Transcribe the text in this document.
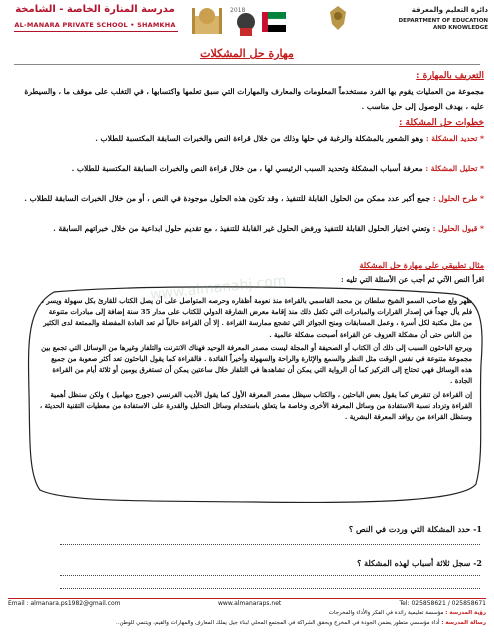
مدرسة المنارة الخاصة - الشامخة
AL-MANARA PRIVATE SCHOOL • SHAMKHA
2018	دائرة التعليم والمعرفة
DEPARTMENT OF EDUCATION
AND KNOWLEDGE
مهارة حل المشكلات
التعريف بالمهارة :
مجموعة من العمليات يقوم بها الفرد مستخدماً المعلومات والمعارف والمهارات التي سبق تعلمها واكتسابها ، في التغلب على موقف ما ، والسيطرة عليه ، بهدف الوصول إلى حل مناسب .
خطوات حل المشكلة :
* تحديد المشكلة : وهو الشعور بالمشكلة والرغبة في حلها وذلك من خلال قراءة النص والخبرات السابقة المكتسبة للطلاب .
* تحليل المشكلة : معرفة أسباب المشكلة وتحديد السبب الرئيسي لها ، من خلال قراءة النص والخبرات السابقة المكتسبة للطلاب .
* طرح الحلول : جمع أكبر عدد ممكن من الحلول القابلة للتنفيذ ، وقد تكون هذه الحلول موجودة في النص ، أو من خلال الخبرات السابقة للطلاب .
* قبول الحلول : وتعني اختيار الحلول القابلة للتنفيذ ورفض الحلول غير القابلة للتنفيذ ، مع تقديم حلول ابداعية من خلال خبراتهم السابقة .
مثال تطبيقي على مهارة حل المشكلة
اقرأ النص الآتي ثم أجب عن الأسئلة التي تليه :
ظهر ولع صاحب السمو الشيخ سلطان بن محمد القاسمي بالقراءة منذ نعومة أظفاره وحرصه المتواصل على أن يصل الكتاب للقارئ بكل سهولة ويسر ، فلم يأل جهداً في إصدار القرارات والمبادرات التي تكفل ذلك منذ إقامة معرض الشارقة الدولي للكتاب على مدار 35 سنة إضافة إلى مبادرات متنوعة من مثل مكتبة لكل أسرة ، وعمل المسابقات ومنح الجوائز التي تشجع ممارسة القراءة . إلا أن القراءة حالياً لم تعد العادة المفضلة والممتعة لدى الكثير من الناس حتى أن مشكلة العزوف عن القراءة أصبحت مشكلة عالمية .
ويرجع الباحثون السبب إلى ذلك أن الكتاب أو الصحيفة أو المجلة ليست مصدر المعرفة الوحيد فهناك الانترنت والتلفاز وغيرها من الوسائل التي تجمع بين مجموعة متنوعة في نفس الوقت مثل النظر والسمع والإثارة والراحة والسهولة وأخيراً الفائدة . فالقراءة كما يقول الباحثون تعد أكثر صعوبة من جميع هذه الوسائل فهي تحتاج إلى التركيز كما أن الرواية التي يمكن أن تشاهدها في التلفاز خلال ساعتين يمكن أن تستغرق يومين أو ثلاثة أيام من القراءة الجادة .
إن القراءة لن تنقرض كما يقول بعض الباحثين ، والكتاب سيظل مصدر المعرفة الأول كما يقول الأديب الفرنسي (جورج ديهاميل ) ولكن سنظل أهمية القراءة وتزداد نسبة الاستفادة من وسائل المعرفة الأخرى وخاصة ما يتعلق باستخدام وسائل التحليل والقدرة على الاستفادة من معطيات التقنية الحديثة ، وستظل القراءة من روافد المعرفة البشرية .
www.almanahj.com
1- حدد المشكلة التي وردت في النص ؟
2- سجل ثلاثة أسباب لهذه المشكلة ؟
Email : almanara.ps1982@gmail.com	www.almanaraps.net	Tel: 025858621 / 025858671
رؤية المدرسة : مؤسسة تعليمية رائدة في الفكر والأداء والمخرجات
رسالة المدرسة : أداء مؤسسي متطور يضمن الجودة في المخرج ويحقق الشراكة في المجتمع المحلي لبناء جيل يملك المعارف والمهارات والقيم، ويتنمي للوطن..
